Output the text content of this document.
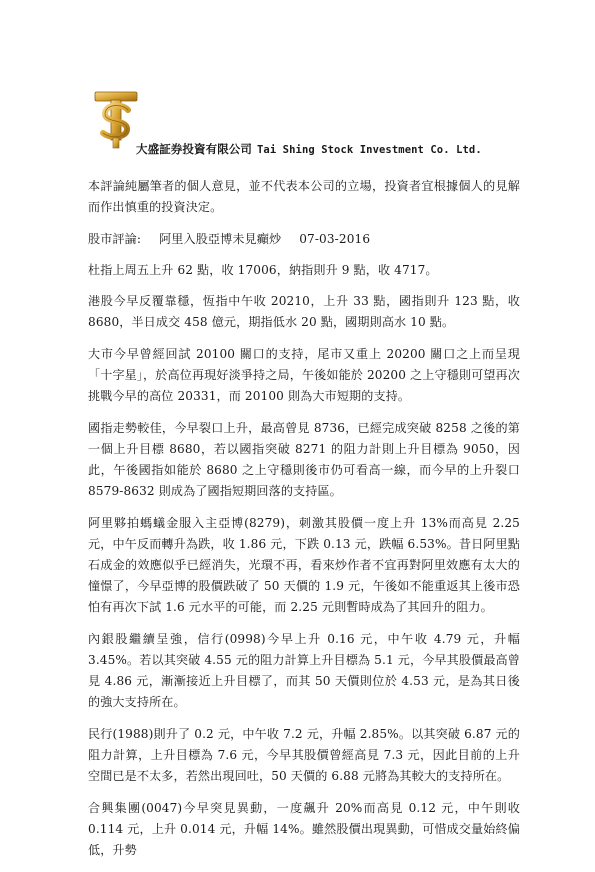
大盛証券投資有限公司 Tai Shing Stock Investment Co. Ltd.

本評論純屬筆者的個人意見，並不代表本公司的立場，投資者宜根據個人的見解而作出慎重的投資決定。

股市評論: 阿里入股亞博未見癲炒 07-03-2016

杜指上周五上升 62 點，收 17006，納指則升 9 點，收 4717。

港股今早反覆靠穩，恆指中午收 20210，上升 33 點，國指則升 123 點，收 8680，半日成交 458 億元，期指低水 20 點，國期則高水 10 點。

大市今早曾經回試 20100 關口的支持，尾市又重上 20200 關口之上而呈現「十字星」，於高位再現好淡爭持之局，午後如能於 20200 之上守穩則可望再次挑戰今早的高位 20331，而 20100 則為大市短期的支持。

國指走勢較佳，今早裂口上升，最高曾見 8736，已經完成突破 8258 之後的第一個上升目標 8680，若以國指突破 8271 的阻力計則上升目標為 9050，因此，午後國指如能於 8680 之上守穩則後市仍可看高一線，而今早的上升裂口 8579-8632 則成為了國指短期回落的支持區。

阿里夥拍螞蟻金服入主亞博(8279)，刺激其股價一度上升 13%而高見 2.25 元，中午反而轉升為跌，收 1.86 元，下跌 0.13 元，跌幅 6.53%。昔日阿里點石成金的效應似乎已經消失，光環不再，看來炒作者不宜再對阿里效應有太大的憧憬了，今早亞博的股價跌破了 50 天價的 1.9 元，午後如不能重返其上後市恐怕有再次下試 1.6 元水平的可能，而 2.25 元則暫時成為了其回升的阻力。

內銀股繼續呈強，信行(0998)今早上升 0.16 元，中午收 4.79 元，升幅 3.45%。若以其突破 4.55 元的阻力計算上升目標為 5.1 元，今早其股價最高曾見 4.86 元，漸漸接近上升目標了，而其 50 天價則位於 4.53 元，是為其日後的強大支持所在。

民行(1988)則升了 0.2 元，中午收 7.2 元，升幅 2.85%。以其突破 6.87 元的阻力計算，上升目標為 7.6 元，今早其股價曾經高見 7.3 元，因此目前的上升空間已是不太多，若然出現回吐，50 天價的 6.88 元將為其較大的支持所在。

合興集團(0047)今早突見異動，一度飆升 20%而高見 0.12 元，中午則收 0.114 元，上升 0.014 元，升幅 14%。雖然股價出現異動，可惜成交量始終偏低，升勢
